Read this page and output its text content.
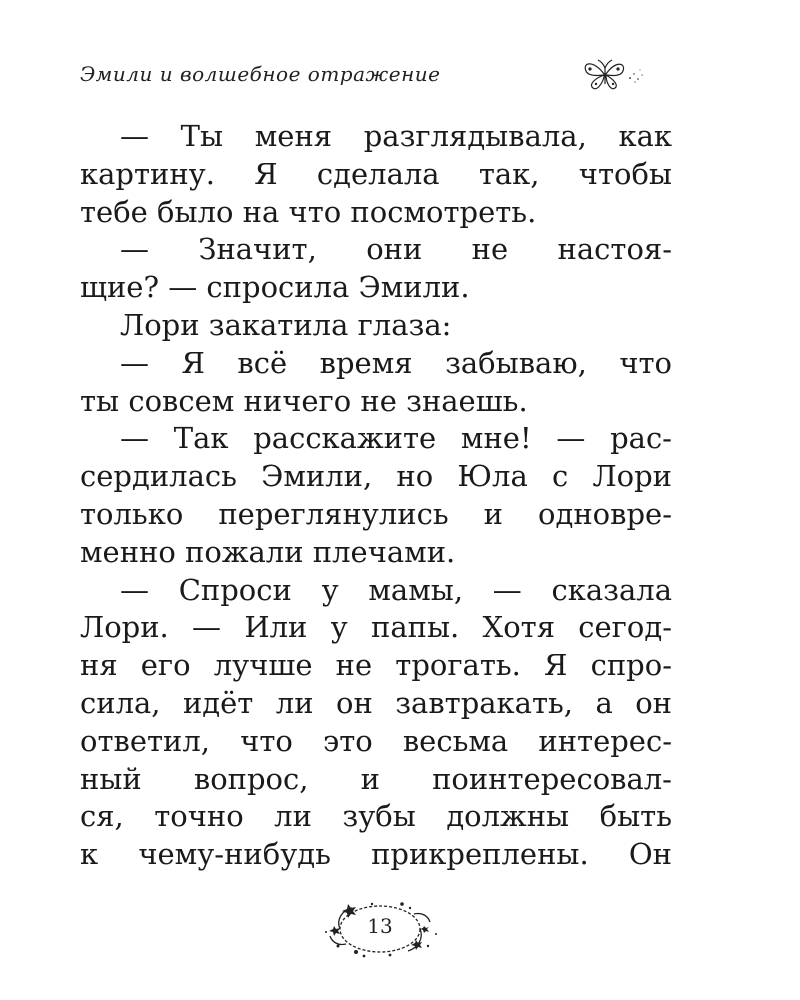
Эмили и волшебное отражение
— Ты меня разглядывала, как
картину. Я сделала так, чтобы
тебе было на что посмотреть.
— Значит, они не настоя-
щие? — спросила Эмили.
Лори закатила глаза:
— Я всё время забываю, что
ты совсем ничего не знаешь.
— Так расскажите мне! — рас-
сердилась Эмили, но Юла с Лори
только переглянулись и одновре-
менно пожали плечами.
— Спроси у мамы, — сказала
Лори. — Или у папы. Хотя сегод-
ня его лучше не трогать. Я спро-
сила, идёт ли он завтракать, а он
ответил, что это весьма интерес-
ный вопрос, и поинтересовал-
ся, точно ли зубы должны быть
к чему-нибудь прикреплены. Он
13
